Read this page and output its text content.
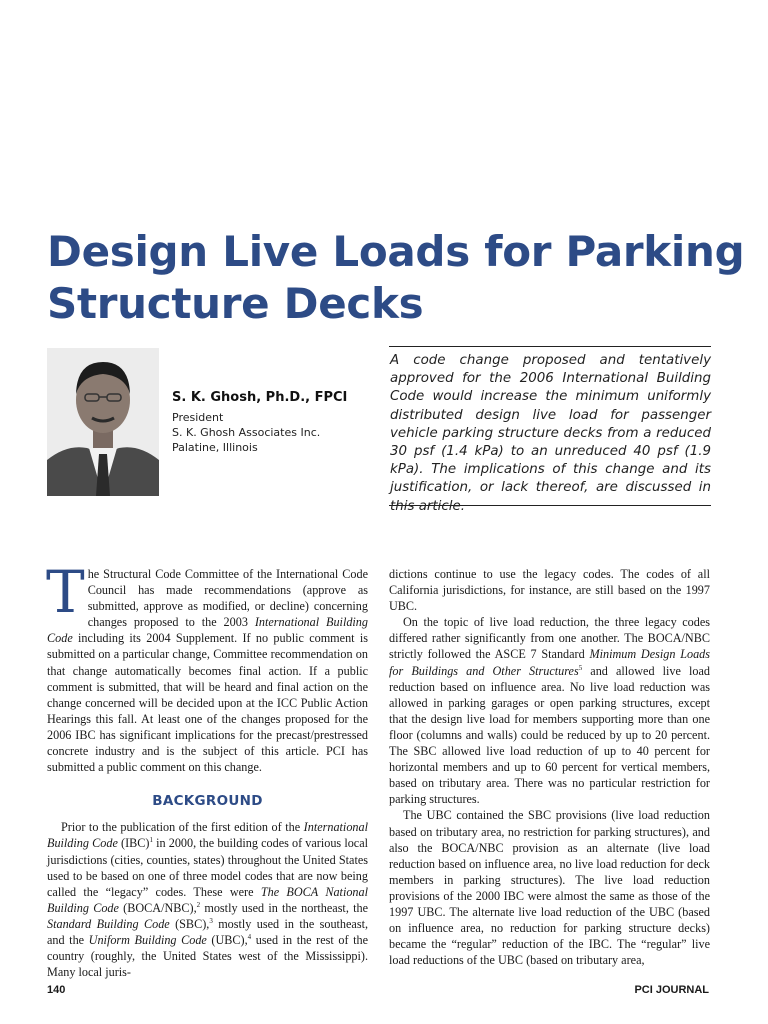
Design Live Loads for Parking
Structure Decks
S. K. Ghosh, Ph.D., FPCI
President
S. K. Ghosh Associates Inc.
Palatine, Illinois

A code change proposed and tentatively approved for the 2006 International Building Code would increase the minimum uniformly distributed design live load for passenger vehicle parking structure decks from a reduced 30 psf (1.4 kPa) to an unreduced 40 psf (1.9 kPa). The implications of this change and its justification, or lack thereof, are discussed in this article.

The Structural Code Committee of the International Code Council has made recommendations (approve as submitted, approve as modified, or decline) concerning changes proposed to the 2003 International Building Code including its 2004 Supplement. If no public comment is submitted on a particular change, Committee recommendation on that change automatically becomes final action. If a public comment is submitted, that will be heard and final action on the change concerned will be decided upon at the ICC Public Action Hearings this fall. At least one of the changes proposed for the 2006 IBC has significant implications for the precast/prestressed concrete industry and is the subject of this article. PCI has submitted a public comment on this change.

BACKGROUND

Prior to the publication of the first edition of the International Building Code (IBC)$^1$ in 2000, the building codes of various local jurisdictions (cities, counties, states) throughout the United States used to be based on one of three model codes that are now being called the “legacy” codes. These were The BOCA National Building Code (BOCA/NBC),$^2$ mostly used in the northeast, the Standard Building Code (SBC),$^3$ mostly used in the southeast, and the Uniform Building Code (UBC),$^4$ used in the rest of the country (roughly, the United States west of the Mississippi). Many local juris-

dictions continue to use the legacy codes. The codes of all California jurisdictions, for instance, are still based on the 1997 UBC.

On the topic of live load reduction, the three legacy codes differed rather significantly from one another. The BOCA/NBC strictly followed the ASCE 7 Standard Minimum Design Loads for Buildings and Other Structures$^5$ and allowed live load reduction based on influence area. No live load reduction was allowed in parking garages or open parking structures, except that the design live load for members supporting more than one floor (columns and walls) could be reduced by up to 20 percent. The SBC allowed live load reduction of up to 40 percent for horizontal members and up to 60 percent for vertical members, based on tributary area. There was no particular restriction for parking structures.

The UBC contained the SBC provisions (live load reduction based on tributary area, no restriction for parking structures), and also the BOCA/NBC provision as an alternate (live load reduction based on influence area, no live load reduction for deck members in parking structures). The live load reduction provisions of the 2000 IBC were almost the same as those of the 1997 UBC. The alternate live load reduction of the UBC (based on influence area, no reduction for parking structure decks) became the “regular” reduction of the IBC. The “regular” live load reductions of the UBC (based on tributary area,

140	PCI JOURNAL
